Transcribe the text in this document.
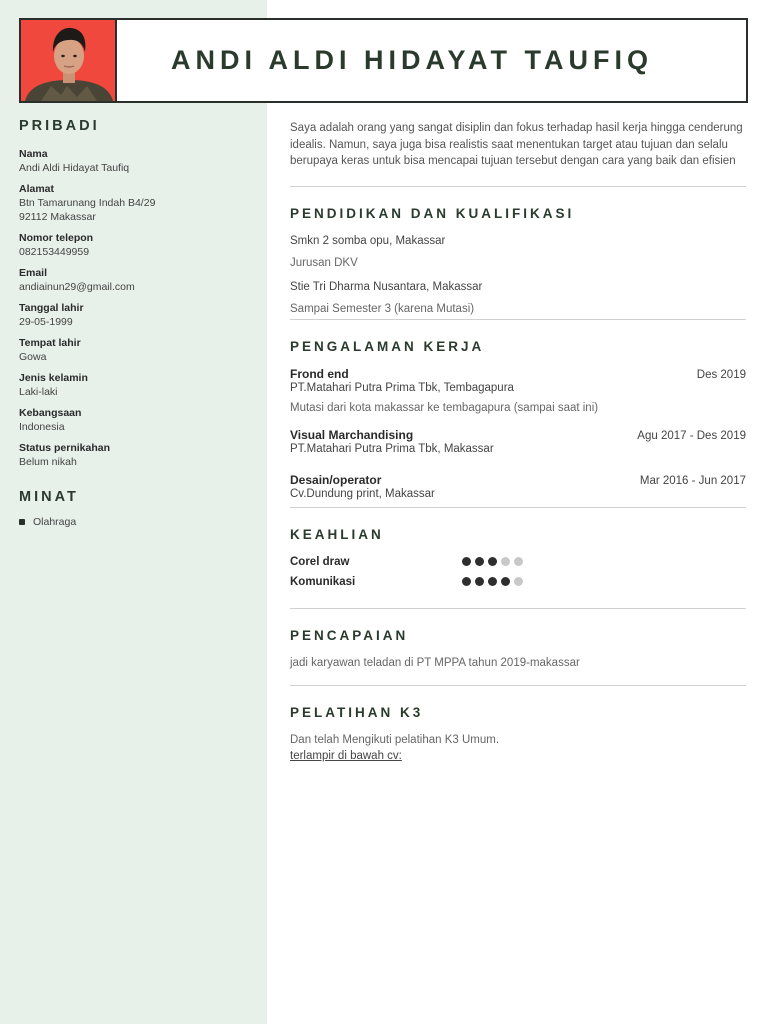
ANDI ALDI HIDAYAT TAUFIQ
PRIBADI
Nama
Andi Aldi Hidayat Taufiq
Alamat
Btn Tamarunang Indah B4/29
92112 Makassar
Nomor telepon
082153449959
Email
andiainun29@gmail.com
Tanggal lahir
29-05-1999
Tempat lahir
Gowa
Jenis kelamin
Laki-laki
Kebangsaan
Indonesia
Status pernikahan
Belum nikah
MINAT
Olahraga
Saya adalah orang yang sangat disiplin dan fokus terhadap hasil kerja hingga cenderung idealis. Namun, saya juga bisa realistis saat menentukan target atau tujuan dan selalu berupaya keras untuk bisa mencapai tujuan tersebut dengan cara yang baik dan efisien
PENDIDIKAN DAN KUALIFIKASI
Smkn 2 somba opu, Makassar
Jurusan DKV
Stie Tri Dharma Nusantara, Makassar
Sampai Semester 3 (karena Mutasi)
PENGALAMAN KERJA
Frond end	Des 2019
PT.Matahari Putra Prima Tbk, Tembagapura
Mutasi dari kota makassar ke tembagapura (sampai saat ini)
Visual Marchandising	Agu 2017 - Des 2019
PT.Matahari Putra Prima Tbk, Makassar
Desain/operator	Mar 2016 - Jun 2017
Cv.Dundung print, Makassar
KEAHLIAN
Corel draw
Komunikasi
PENCAPAIAN
jadi karyawan teladan di PT MPPA tahun 2019-makassar
PELATIHAN K3
Dan telah Mengikuti pelatihan K3 Umum.
terlampir di bawah cv:
